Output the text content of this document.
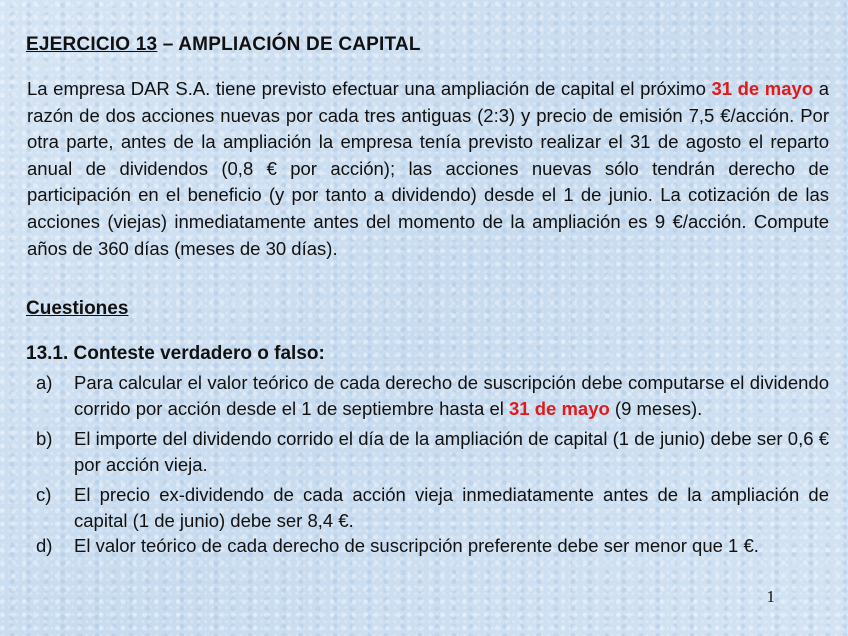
EJERCICIO 13 – AMPLIACIÓN DE CAPITAL
La empresa DAR S.A. tiene previsto efectuar una ampliación de capital el próximo 31 de mayo a razón de dos acciones nuevas por cada tres antiguas (2:3) y precio de emisión 7,5 €/acción. Por otra parte, antes de la ampliación la empresa tenía previsto realizar el 31 de agosto el reparto anual de dividendos (0,8 € por acción); las acciones nuevas sólo tendrán derecho de participación en el beneficio (y por tanto a dividendo) desde el 1 de junio. La cotización de las acciones (viejas) inmediatamente antes del momento de la ampliación es 9 €/acción. Compute años de 360 días (meses de 30 días).
Cuestiones
13.1. Conteste verdadero o falso:
a) Para calcular el valor teórico de cada derecho de suscripción debe computarse el dividendo corrido por acción desde el 1 de septiembre hasta el 31 de mayo (9 meses).
b) El importe del dividendo corrido el día de la ampliación de capital (1 de junio) debe ser 0,6 € por acción vieja.
c) El precio ex-dividendo de cada acción vieja inmediatamente antes de la ampliación de capital (1 de junio) debe ser 8,4 €.
d) El valor teórico de cada derecho de suscripción preferente debe ser menor que 1 €.
1
